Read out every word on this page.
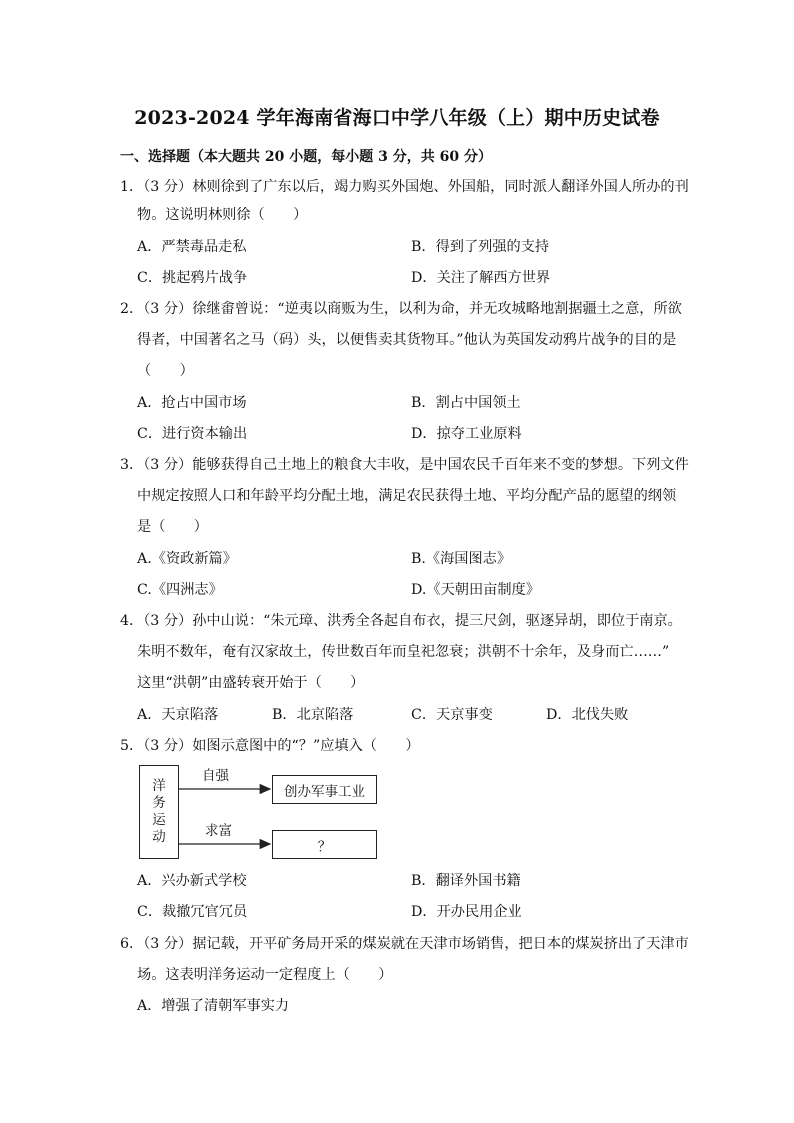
2023-2024 学年海南省海口中学八年级（上）期中历史试卷
一、选择题（本大题共 20 小题，每小题 3 分，共 60 分）
1．（3 分）林则徐到了广东以后，竭力购买外国炮、外国船，同时派人翻译外国人所办的刊
物。这说明林则徐（　　）
A．严禁毒品走私	B．得到了列强的支持
C．挑起鸦片战争	D．关注了解西方世界
2．（3 分）徐继畬曾说：“逆夷以商贩为生，以利为命，并无攻城略地割据疆土之意，所欲
得者，中国著名之马（码）头，以便售卖其货物耳。”他认为英国发动鸦片战争的目的是
（　　）
A．抢占中国市场	B．割占中国领土
C．进行资本输出	D．掠夺工业原料
3．（3 分）能够获得自己土地上的粮食大丰收，是中国农民千百年来不变的梦想。下列文件
中规定按照人口和年龄平均分配土地，满足农民获得土地、平均分配产品的愿望的纲领
是（　　）
A.《资政新篇》	B.《海国图志》
C.《四洲志》	D.《天朝田亩制度》
4．（3 分）孙中山说：“朱元璋、洪秀全各起自布衣，提三尺剑，驱逐异胡，即位于南京。
朱明不数年，奄有汉家故土，传世数百年而皇祀忽衰；洪朝不十余年，及身而亡……”
这里“洪朝”由盛转衰开始于（　　）
A．天京陷落	B．北京陷落	C．天京事变	D．北伐失败
5．（3 分）如图示意图中的“？”应填入（　　）
洋务运动
自强
求富
创办军事工业
？
A．兴办新式学校	B．翻译外国书籍
C．裁撤冗官冗员	D．开办民用企业
6．（3 分）据记载，开平矿务局开采的煤炭就在天津市场销售，把日本的煤炭挤出了天津市
场。这表明洋务运动一定程度上（　　）
A．增强了清朝军事实力
